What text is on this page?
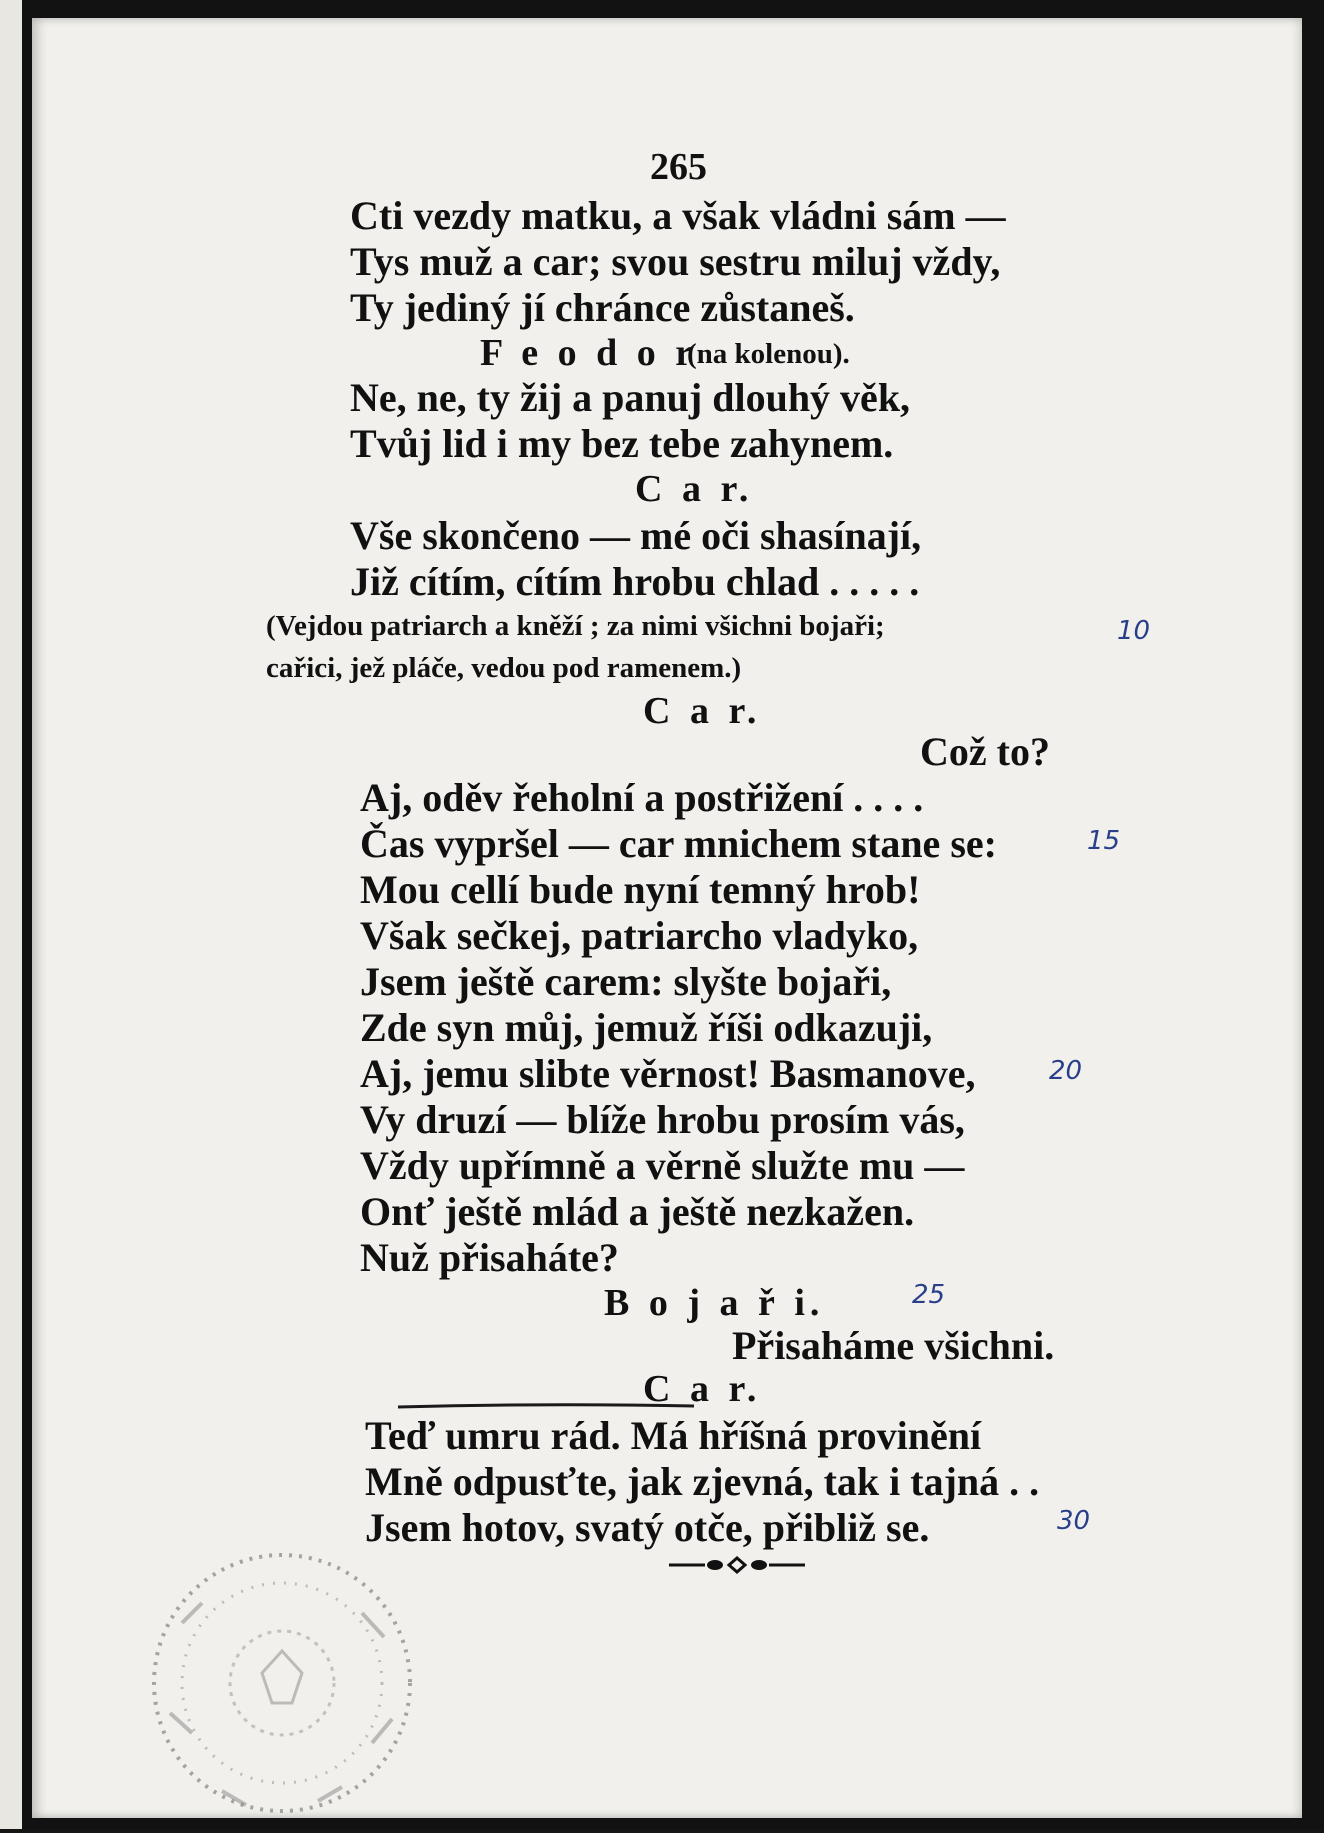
265
Cti vezdy matku, a však vládni sám —
Tys muž a car; svou sestru miluj vždy,
Ty jediný jí chránce zůstaneš.
F e o d o r
(na kolenou).
Ne, ne, ty žij a panuj dlouhý věk,
Tvůj lid i my bez tebe zahynem.
C a r.
Vše skončeno — mé oči shasínají,
Již cítím, cítím hrobu chlad . . . . .
(Vejdou patriarch a kněží ; za nimi všichni bojaři;
cařici, jež pláče, vedou pod ramenem.)
C a r.
Což to?
Aj, oděv řeholní a postřižení . . . .
Čas vypršel — car mnichem stane se:
Mou cellí bude nyní temný hrob!
Však sečkej, patriarcho vladyko,
Jsem ještě carem: slyšte bojaři,
Zde syn můj, jemuž říši odkazuji,
Aj, jemu slibte věrnost! Basmanove,
Vy druzí — blíže hrobu prosím vás,
Vždy upřímně a věrně služte mu —
Onť ještě mlád a ještě nezkažen.
Nuž přisaháte?
B o j a ř i.
Přisaháme všichni.
C a r.
Teď umru rád. Má hříšná provinění
Mně odpusťte, jak zjevná, tak i tajná . .
Jsem hotov, svatý otče, přibliž se.
10
15
20
25
30
